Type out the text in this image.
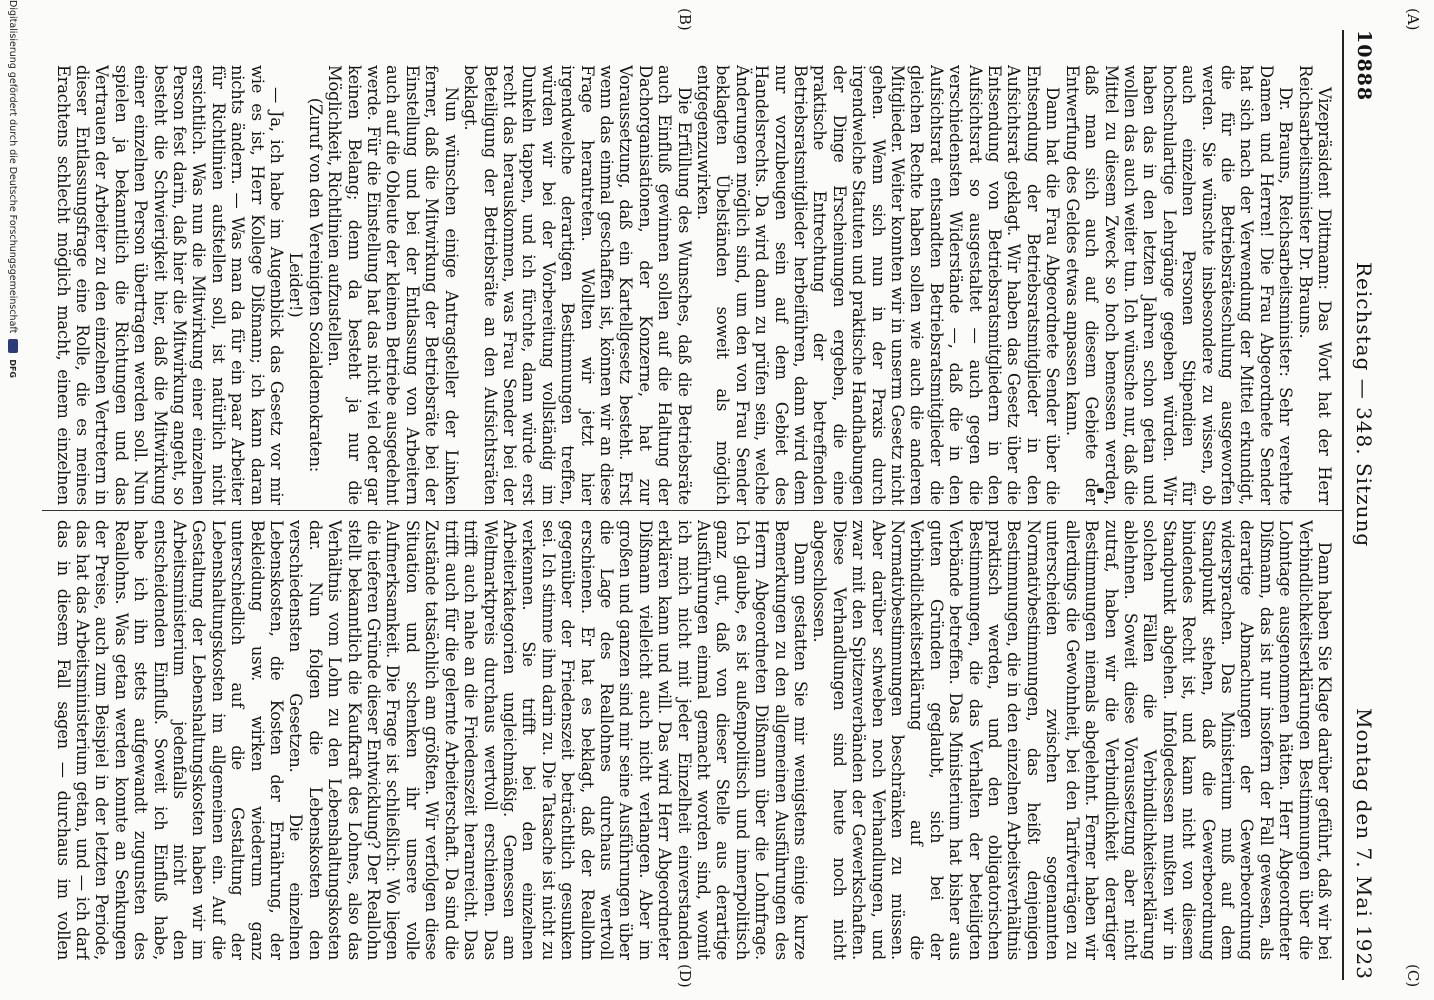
(A)
(C)
(B)
(D)
10888
Reichstag — 348. Sitzung
Montag den 7. Mai 1923

Vizepräsident Dittmann: Das Wort hat der Herr Reichsarbeitsminister Dr. Brauns.

Dr. Brauns, Reichsarbeitsminister: Sehr verehrte Damen und Herren! Die Frau Abgeordnete Sender hat sich nach der Verwendung der Mittel erkundigt, die für die Betriebsräteschulung ausgeworfen werden. Sie wünschte insbesondere zu wissen, ob auch einzelnen Personen Stipendien für hochschulartige Lehrgänge gegeben würden. Wir haben das in den letzten Jahren schon getan und wollen das auch weiter tun. Ich wünsche nur, daß die Mittel zu diesem Zweck so hoch bemessen werden, daß man sich auch auf diesem Gebiete der Entwerfung des Geldes etwas anpassen kann.

Dann hat die Frau Abgeordnete Sender über die Entsendung der Betriebsratsmitglieder in den Aufsichtsrat geklagt. Wir haben das Gesetz über die Entsendung von Betriebsratsmitgliedern in den Aufsichtsrat so ausgestaltet — auch gegen die verschiedensten Widerstände —, daß die in den Aufsichtsrat entsandten Betriebsratsmitglieder die gleichen Rechte haben sollen wie auch die anderen Mitglieder. Weiter konnten wir in unserm Gesetz nicht gehen. Wenn sich nun in der Praxis durch irgendwelche Statuten und praktische Handhabungen der Dinge Erscheinungen ergeben, die eine praktische Entrechtung der betreffenden Betriebsratsmitglieder herbeiführen, dann wird dem nur vorzubeugen sein auf dem Gebiet des Handelsrechts. Da wird dann zu prüfen sein, welche Änderungen möglich sind, um den von Frau Sender beklagten Übelständen soweit als möglich entgegenzuwirken.

Die Erfüllung des Wunsches, daß die Betriebsräte auch Einfluß gewinnen sollen auf die Haltung der Dachorganisationen, der Konzerne, hat zur Voraussetzung, daß ein Kartellgesetz besteht. Erst wenn das einmal geschaffen ist, können wir an diese Frage herantreten. Wollten wir jetzt hier irgendwelche derartigen Bestimmungen treffen, würden wir bei der Vorbereitung vollständig im Dunkeln tappen, und ich fürchte, dann würde erst recht das herauskommen, was Frau Sender bei der Beteiligung der Betriebsräte an den Aufsichtsräten beklagt.

Nun wünschen einige Antragsteller der Linken ferner, daß die Mitwirkung der Betriebsräte bei der Einstellung und bei der Entlassung von Arbeitern auch auf die Obleute der kleinen Betriebe ausgedehnt werde. Für die Einstellung hat das nicht viel oder gar keinen Belang; denn da besteht ja nur die Möglichkeit, Richtlinien aufzustellen.

(Zuruf von den Vereinigten Sozialdemokraten: Leider!)

— Ja, ich habe im Augenblick das Gesetz vor mir wie es ist, Herr Kollege Dißmann; ich kann daran nichts ändern. — Was man da für ein paar Arbeiter für Richtlinien aufstellen soll, ist natürlich nicht ersichtlich. Was nun die Mitwirkung einer einzelnen Person fest darin, daß hier die Mitwirkung angeht, so besteht die Schwierigkeit hier, daß die Mitwirkung einer einzelnen Person übertragen werden soll. Nun spielen ja bekanntlich die Richtungen und das Vertrauen der Arbeiter zu den einzelnen Vertretern in dieser Entlassungsfrage eine Rolle, die es meines Erachtens schlecht möglich macht, einem einzelnen

Dann haben Sie Klage darüber geführt, daß wir bei Verbindlichkeitserklärungen Bestimmungen über die Lohntage ausgenommen hätten. Herr Abgeordneter Dißmann, das ist nur insofern der Fall gewesen, als derartige Abmachungen der Gewerbeordnung widersprachen. Das Ministerium muß auf dem Standpunkt stehen, daß die Gewerbeordnung bindendes Recht ist, und kann nicht von diesem Standpunkt abgehen. Infolgedessen mußten wir in solchen Fällen die Verbindlichkeitserklärung ablehnen. Soweit diese Voraussetzung aber nicht zutraf, haben wir die Verbindlichkeit derartiger Bestimmungen niemals abgelehnt. Ferner haben wir allerdings die Gewohnheit, bei den Tarifverträgen zu unterscheiden zwischen sogenannten Normativbestimmungen, das heißt denjenigen Bestimmungen, die in den einzelnen Arbeitsverhältnis praktisch werden, und den obligatorischen Bestimmungen, die das Verhalten der beteiligten Verbände betreffen. Das Ministerium hat bisher aus guten Gründen geglaubt, sich bei der Verbindlichkeitserklärung auf die Normativbestimmungen beschränken zu müssen. Aber darüber schweben noch Verhandlungen, und zwar mit den Spitzenverbänden der Gewerkschaften. Diese Verhandlungen sind heute noch nicht abgeschlossen.

Dann gestatten Sie mir wenigstens einige kurze Bemerkungen zu den allgemeinen Ausführungen des Herrn Abgeordneten Dißmann über die Lohnfrage. Ich glaube, es ist außenpolitisch und innerpolitisch ganz gut, daß von dieser Stelle aus derartige Ausführungen einmal gemacht worden sind, womit ich mich nicht mit jeder Einzelheit einverstanden erklären kann und will. Das wird Herr Abgeordneter Dißmann vielleicht auch nicht verlangen. Aber im großen und ganzen sind mir seine Ausführungen über die Lage des Reallohnes durchaus wertvoll erschienen. Er hat es beklagt, daß der Reallohn gegenüber der Friedenszeit beträchtlich gesunken sei. Ich stimme ihm darin zu. Die Tatsache ist nicht zu verkennen. Sie trifft bei den einzelnen Arbeiterkategorien ungleichmäßig. Gemessen am Weltmarktpreis durchaus wertvoll erschienen. Das trifft auch nahe an die Friedenszeit heranreicht. Das trifft auch für die gelernte Arbeiterschaft. Da sind die Zustände tatsächlich am größten. Wir verfolgen diese Situation und schenken ihr unsere volle Aufmerksamkeit. Die Frage ist schließlich: Wo liegen die tieferen Gründe dieser Entwicklung? Der Reallohn stellt bekanntlich die Kaufkraft des Lohnes, also das Verhältnis vom Lohn zu den Lebenshaltungskosten dar. Nun folgen die Lebenskosten den verschiedensten Gesetzen. Die einzelnen Lebenskosten, die Kosten der Ernährung, der Bekleidung usw. wirken wiederum ganz unterschiedlich auf die Gestaltung der Lebenshaltungskosten im allgemeinen ein. Auf die Gestaltung der Lebenshaltungskosten haben wir im Arbeitsministerium jedenfalls nicht den entscheidenden Einfluß. Soweit ich Einfluß habe, habe ich ihn stets aufgewandt zugunsten des Reallohns. Was getan werden konnte an Senkungen der Preise, auch zum Beispiel in der letzten Periode, das hat das Arbeitsministerium getan, und — ich darf das in diesem Fall sagen — durchaus im vollen

Digitalisierung gefördert durch die Deutsche Forschungsgemeinschaft
DFG
